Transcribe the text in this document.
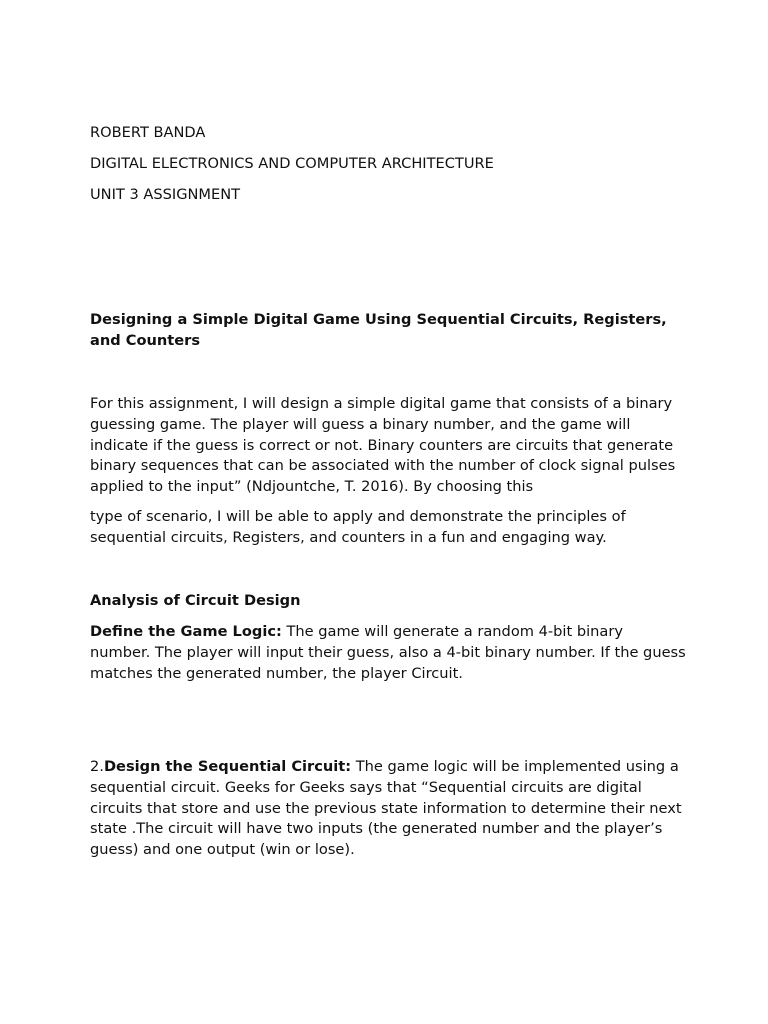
ROBERT BANDA

DIGITAL ELECTRONICS AND COMPUTER ARCHITECTURE

UNIT 3 ASSIGNMENT

Designing a Simple Digital Game Using Sequential Circuits, Registers, and Counters

For this assignment, I will design a simple digital game that consists of a binary guessing game. The player will guess a binary number, and the game will indicate if the guess is correct or not. Binary counters are circuits that generate binary sequences that can be associated with the number of clock signal pulses applied to the input” (Ndjountche, T. 2016). By choosing this

type of scenario, I will be able to apply and demonstrate the principles of sequential circuits, Registers, and counters in a fun and engaging way.

Analysis of Circuit Design

Define the Game Logic: The game will generate a random 4-bit binary number. The player will input their guess, also a 4-bit binary number. If the guess matches the generated number, the player Circuit.

2.Design the Sequential Circuit: The game logic will be implemented using a sequential circuit. Geeks for Geeks says that “Sequential circuits are digital circuits that store and use the previous state information to determine their next state .The circuit will have two inputs (the generated number and the player’s guess) and one output (win or lose).
